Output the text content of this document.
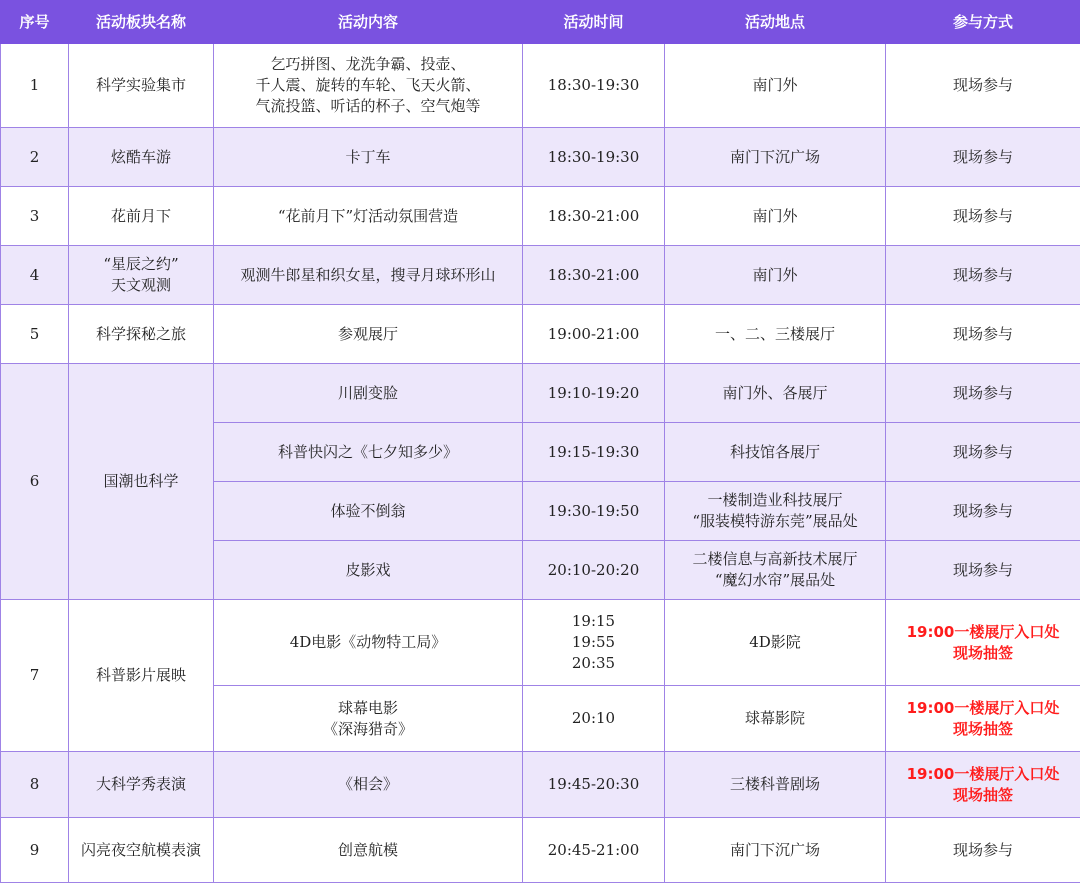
序号	活动板块名称	活动内容	活动时间	活动地点	参与方式
1	科学实验集市	乞巧拼图、龙洗争霸、投壶、
千人震、旋转的车轮、飞天火箭、
气流投篮、听话的杯子、空气炮等	18:30-19:30	南门外	现场参与
2	炫酷车游	卡丁车	18:30-19:30	南门下沉广场	现场参与
3	花前月下	“花前月下”灯活动氛围营造	18:30-21:00	南门外	现场参与
4	“星辰之约”
天文观测	观测牛郎星和织女星，搜寻月球环形山	18:30-21:00	南门外	现场参与
5	科学探秘之旅	参观展厅	19:00-21:00	一、二、三楼展厅	现场参与
6	国潮也科学	川剧变脸	19:10-19:20	南门外、各展厅	现场参与
		科普快闪之《七夕知多少》	19:15-19:30	科技馆各展厅	现场参与
		体验不倒翁	19:30-19:50	一楼制造业科技展厅
“服装模特游东莞”展品处	现场参与
		皮影戏	20:10-20:20	二楼信息与高新技术展厅
“魔幻水帘”展品处	现场参与
7	科普影片展映	4D电影《动物特工局》	19:15
19:55
20:35	4D影院	19:00一楼展厅入口处
现场抽签
		球幕电影
《深海猎奇》	20:10	球幕影院	19:00一楼展厅入口处
现场抽签
8	大科学秀表演	《相会》	19:45-20:30	三楼科普剧场	19:00一楼展厅入口处
现场抽签
9	闪亮夜空航模表演	创意航模	20:45-21:00	南门下沉广场	现场参与
